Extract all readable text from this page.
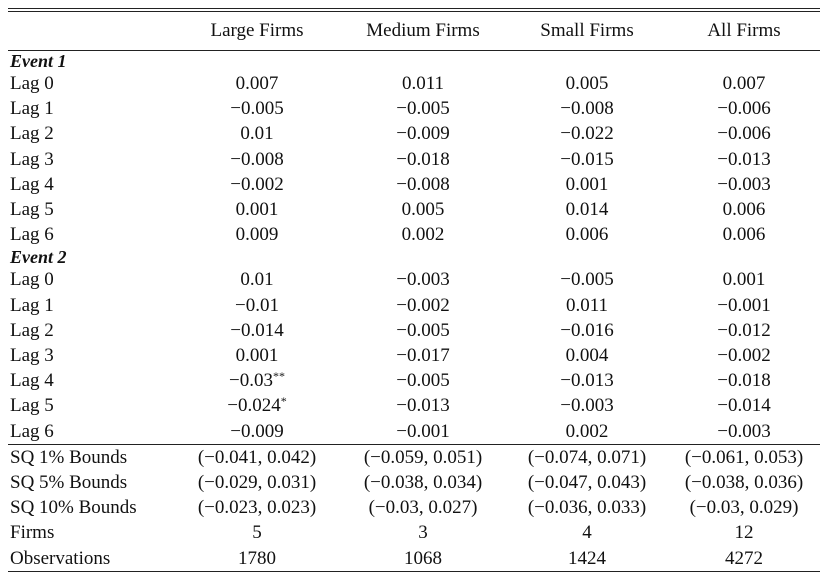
	Large Firms	Medium Firms	Small Firms	All Firms
Event 1				
Lag 0	0.007	0.011	0.005	0.007
Lag 1	−0.005	−0.005	−0.008	−0.006
Lag 2	0.01	−0.009	−0.022	−0.006
Lag 3	−0.008	−0.018	−0.015	−0.013
Lag 4	−0.002	−0.008	0.001	−0.003
Lag 5	0.001	0.005	0.014	0.006
Lag 6	0.009	0.002	0.006	0.006
Event 2				
Lag 0	0.01	−0.003	−0.005	0.001
Lag 1	−0.01	−0.002	0.011	−0.001
Lag 2	−0.014	−0.005	−0.016	−0.012
Lag 3	0.001	−0.017	0.004	−0.002
Lag 4	−0.03**	−0.005	−0.013	−0.018
Lag 5	−0.024*	−0.013	−0.003	−0.014
Lag 6	−0.009	−0.001	0.002	−0.003
SQ 1% Bounds	(−0.041, 0.042)	(−0.059, 0.051)	(−0.074, 0.071)	(−0.061, 0.053)
SQ 5% Bounds	(−0.029, 0.031)	(−0.038, 0.034)	(−0.047, 0.043)	(−0.038, 0.036)
SQ 10% Bounds	(−0.023, 0.023)	(−0.03, 0.027)	(−0.036, 0.033)	(−0.03, 0.029)
Firms	5	3	4	12
Observations	1780	1068	1424	4272
